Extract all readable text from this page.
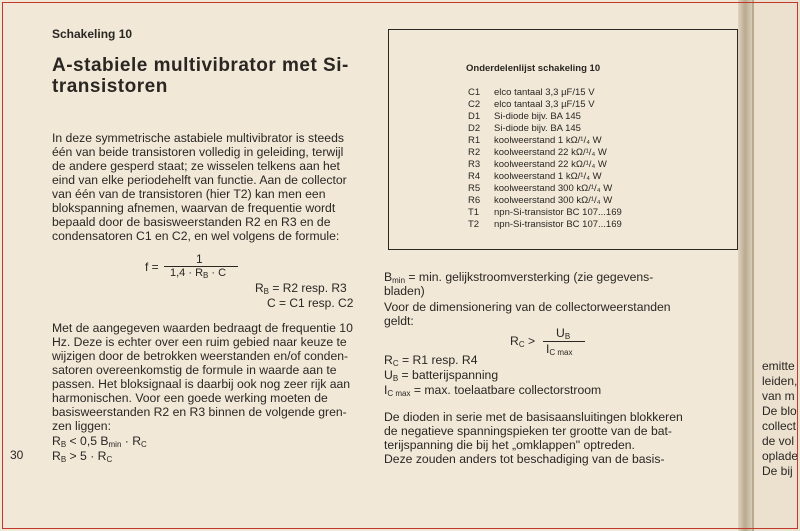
emitte

leiden,

van m

De blo

collect

de vol

oplade

De bij

Schakeling 10

A-stabiele multivibrator met Si-

transistoren

In deze symmetrische astabiele multivibrator is steeds

één van beide transistoren volledig in geleiding, terwijl

de andere gesperd staat; ze wisselen telkens aan het

eind van elke periodehelft van functie. Aan de collector

van één van de transistoren (hier T2) kan men een

blokspanning afnemen, waarvan de frequentie wordt

bepaald door de basisweerstanden R2 en R3 en de

condensatoren C1 en C2, en wel volgens de formule:

f =

1

$1,4 \cdot R_B \cdot C$

$R_B = R2$ resp. R3

C = C1 resp. C2

Met de aangegeven waarden bedraagt de frequentie 10

Hz. Deze is echter over een ruim gebied naar keuze te

wijzigen door de betrokken weerstanden en/of conden-

satoren overeenkomstig de formule in waarde aan te

passen. Het bloksignaal is daarbij ook nog zeer rijk aan

harmonischen. Voor een goede werking moeten de

basisweerstanden R2 en R3 binnen de volgende gren-

zen liggen:

$R_B < 0,5$ $B_{min} \cdot R_C$

$R_B > 5 \cdot R_C$

30

Onderdelenlijst schakeling 10

C1 elco tantaal 3,3 µF/15 V

C2 elco tantaal 3,3 µF/15 V

D1 Si-diode bijv. BA 145

D2 Si-diode bijv. BA 145

R1 koolweerstand 1 kΩ/¹/₄ W

R2 koolweerstand 22 kΩ/¹/₄ W

R3 koolweerstand 22 kΩ/¹/₄ W

R4 koolweerstand 1 kΩ/¹/₄ W

R5 koolweerstand 300 kΩ/¹/₄ W

R6 koolweerstand 300 kΩ/¹/₄ W

T1 npn-Si-transistor BC 107...169

T2 npn-Si-transistor BC 107...169

$B_{min} = \min$. gelijkstroomversterking (zie gegevens-

bladen)

Voor de dimensionering van de collectorweerstanden

geldt:

$R_C$ >

$U_B$

$I_{C max}$

$R_C = R1$ resp. R4

$U_B$ = batterijspanning

$I_{C max} = \max$. toelaatbare collectorstroom

De dioden in serie met de basisaansluitingen blokkeren

de negatieve spanningspieken ter grootte van de bat-

terijspanning die bij het „omklappen" optreden.

Deze zouden anders tot beschadiging van de basis-
